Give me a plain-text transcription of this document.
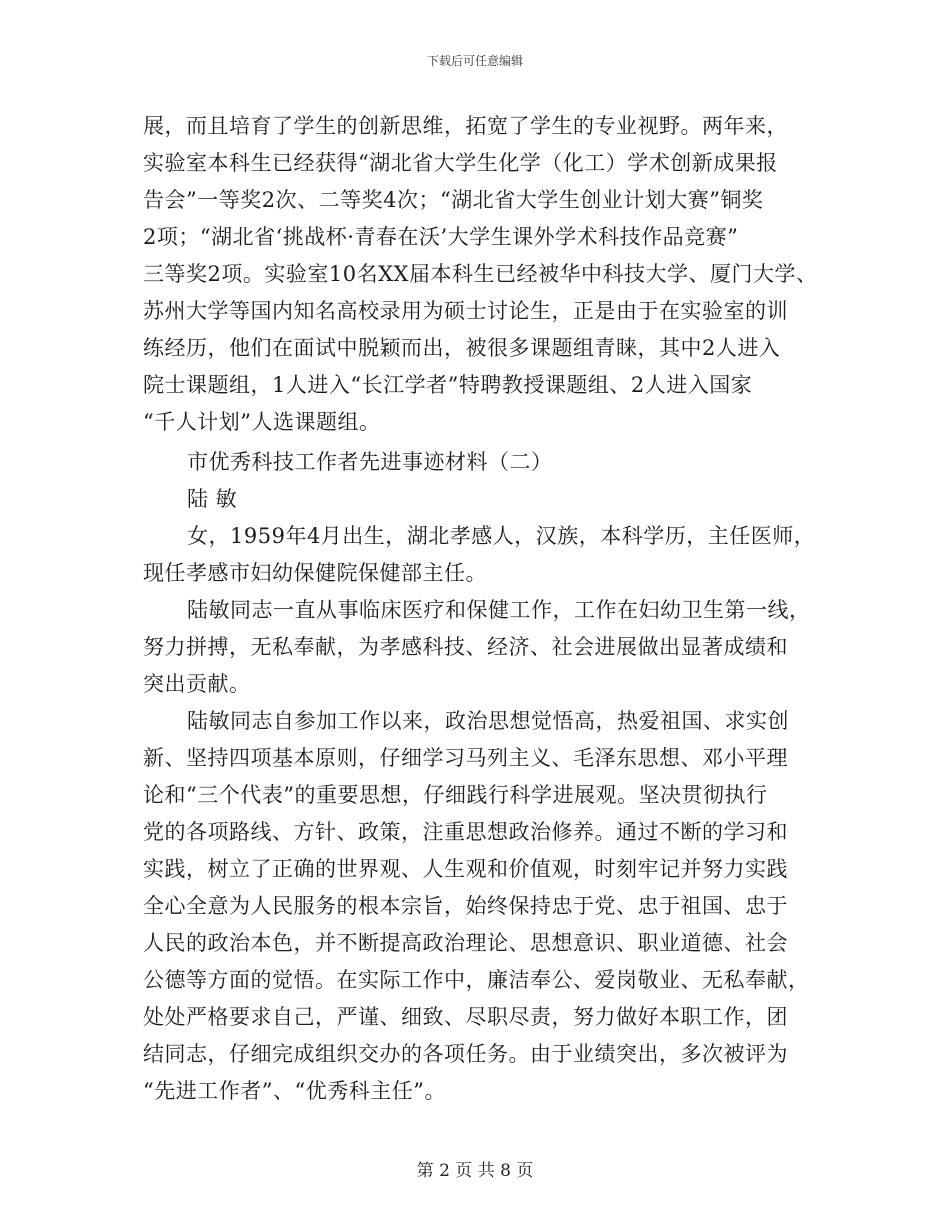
下载后可任意编辑
展，而且培育了学生的创新思维，拓宽了学生的专业视野。两年来，
实验室本科生已经获得“湖北省大学生化学（化工）学术创新成果报
告会”一等奖2次、二等奖4次；“湖北省大学生创业计划大赛”铜奖
2项；“湖北省‘挑战杯·青春在沃’大学生课外学术科技作品竞赛”
三等奖2项。实验室10名XX届本科生已经被华中科技大学、厦门大学、
苏州大学等国内知名高校录用为硕士讨论生，正是由于在实验室的训
练经历，他们在面试中脱颖而出，被很多课题组青睐，其中2人进入
院士课题组，1人进入“长江学者”特聘教授课题组、2人进入国家
“千人计划”人选课题组。
市优秀科技工作者先进事迹材料（二）
陆 敏
女，1959年4月出生，湖北孝感人，汉族，本科学历，主任医师，
现任孝感市妇幼保健院保健部主任。
陆敏同志一直从事临床医疗和保健工作，工作在妇幼卫生第一线，
努力拼搏，无私奉献，为孝感科技、经济、社会进展做出显著成绩和
突出贡献。
陆敏同志自参加工作以来，政治思想觉悟高，热爱祖国、求实创
新、坚持四项基本原则，仔细学习马列主义、毛泽东思想、邓小平理
论和“三个代表”的重要思想，仔细践行科学进展观。坚决贯彻执行
党的各项路线、方针、政策，注重思想政治修养。通过不断的学习和
实践，树立了正确的世界观、人生观和价值观，时刻牢记并努力实践
全心全意为人民服务的根本宗旨，始终保持忠于党、忠于祖国、忠于
人民的政治本色，并不断提高政治理论、思想意识、职业道德、社会
公德等方面的觉悟。在实际工作中，廉洁奉公、爱岗敬业、无私奉献，
处处严格要求自己，严谨、细致、尽职尽责，努力做好本职工作，团
结同志，仔细完成组织交办的各项任务。由于业绩突出，多次被评为
“先进工作者”、“优秀科主任”。
第 2 页 共 8 页
